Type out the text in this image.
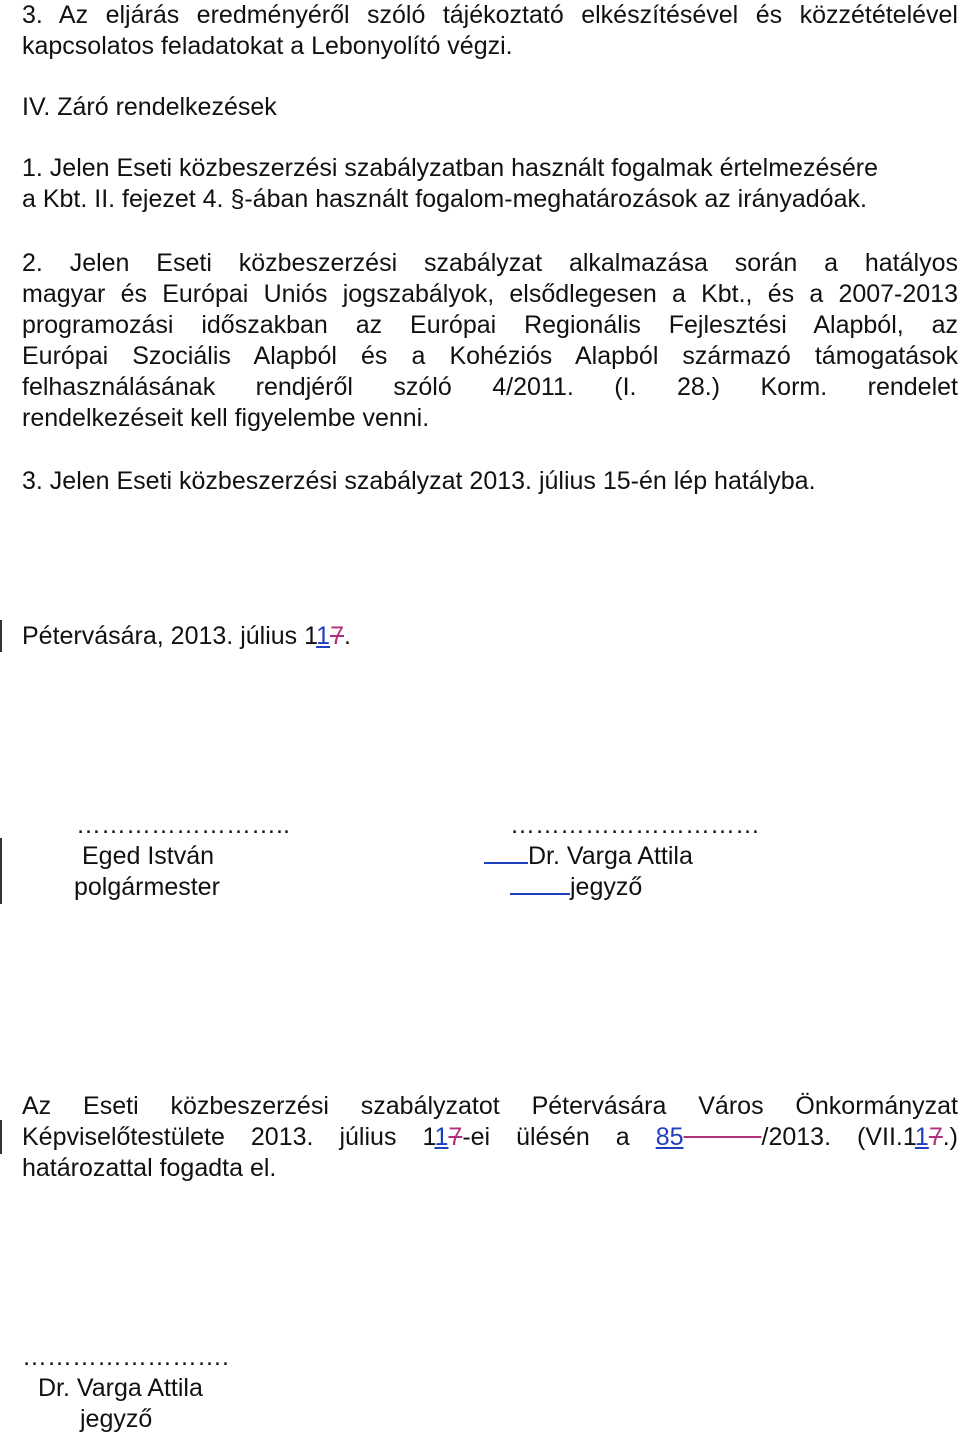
3. Az eljárás eredményéről szóló tájékoztató elkészítésével és közzétételével
kapcsolatos feladatokat a Lebonyolító végzi.
IV. Záró rendelkezések
1. Jelen Eseti közbeszerzési szabályzatban használt fogalmak értelmezésére
a Kbt. II. fejezet 4. §-ában használt fogalom-meghatározások az irányadóak.
2. Jelen Eseti közbeszerzési szabályzat alkalmazása során a hatályos
magyar és Európai Uniós jogszabályok, elsődlegesen a Kbt., és a 2007-2013
programozási időszakban az Európai Regionális Fejlesztési Alapból, az
Európai Szociális Alapból és a Kohéziós Alapból származó támogatások
felhasználásának rendjéről szóló 4/2011. (I. 28.) Korm. rendelet
rendelkezéseit kell figyelembe venni.
3. Jelen Eseti közbeszerzési szabályzat 2013. július 15-én lép hatályba.
Pétervására, 2013. július 117.
……………………..	…………………………
Eged István	Dr. Varga Attila
polgármester	jegyző
Az Eseti közbeszerzési szabályzatot Pétervására Város Önkormányzat
Képviselőtestülete 2013. július 117-ei ülésén a 85	/2013. (VII.117.)
határozattal fogadta el.
…………………….
Dr. Varga Attila
jegyző
